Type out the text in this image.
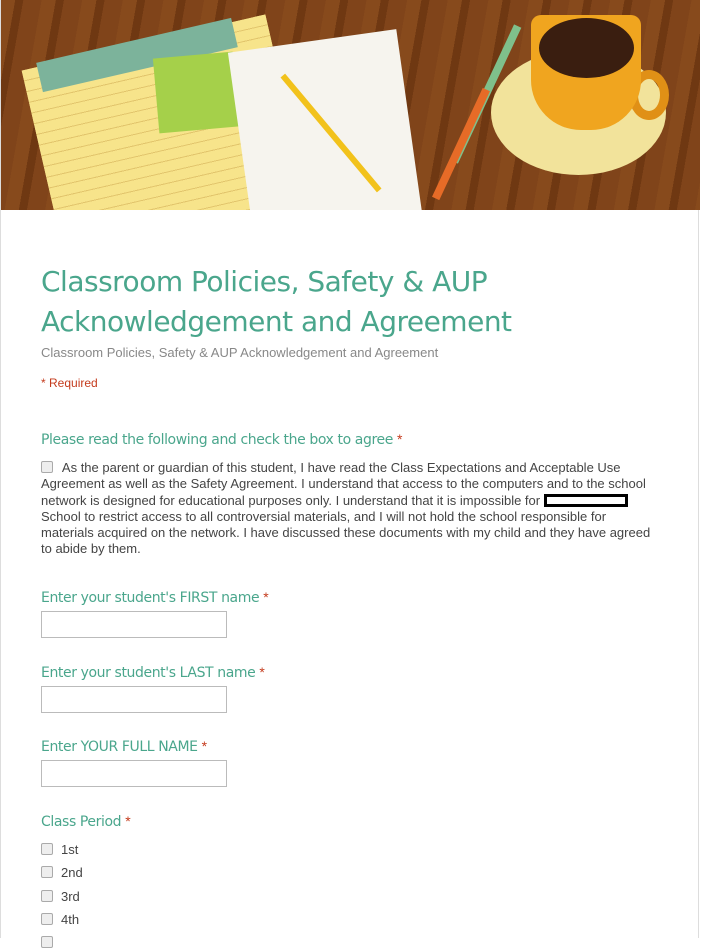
Classroom Policies, Safety & AUP Acknowledgement and Agreement
Classroom Policies, Safety & AUP Acknowledgement and Agreement
* Required
Please read the following and check the box to agree *
As the parent or guardian of this student, I have read the Class Expectations and Acceptable Use Agreement as well as the Safety Agreement. I understand that access to the computers and to the school network is designed for educational purposes only. I understand that it is impossible for  School to restrict access to all controversial materials, and I will not hold the school responsible for materials acquired on the network. I have discussed these documents with my child and they have agreed to abide by them.
Enter your student's FIRST name *
Enter your student's LAST name *
Enter YOUR FULL NAME *
Class Period *
1st
2nd
3rd
4th
